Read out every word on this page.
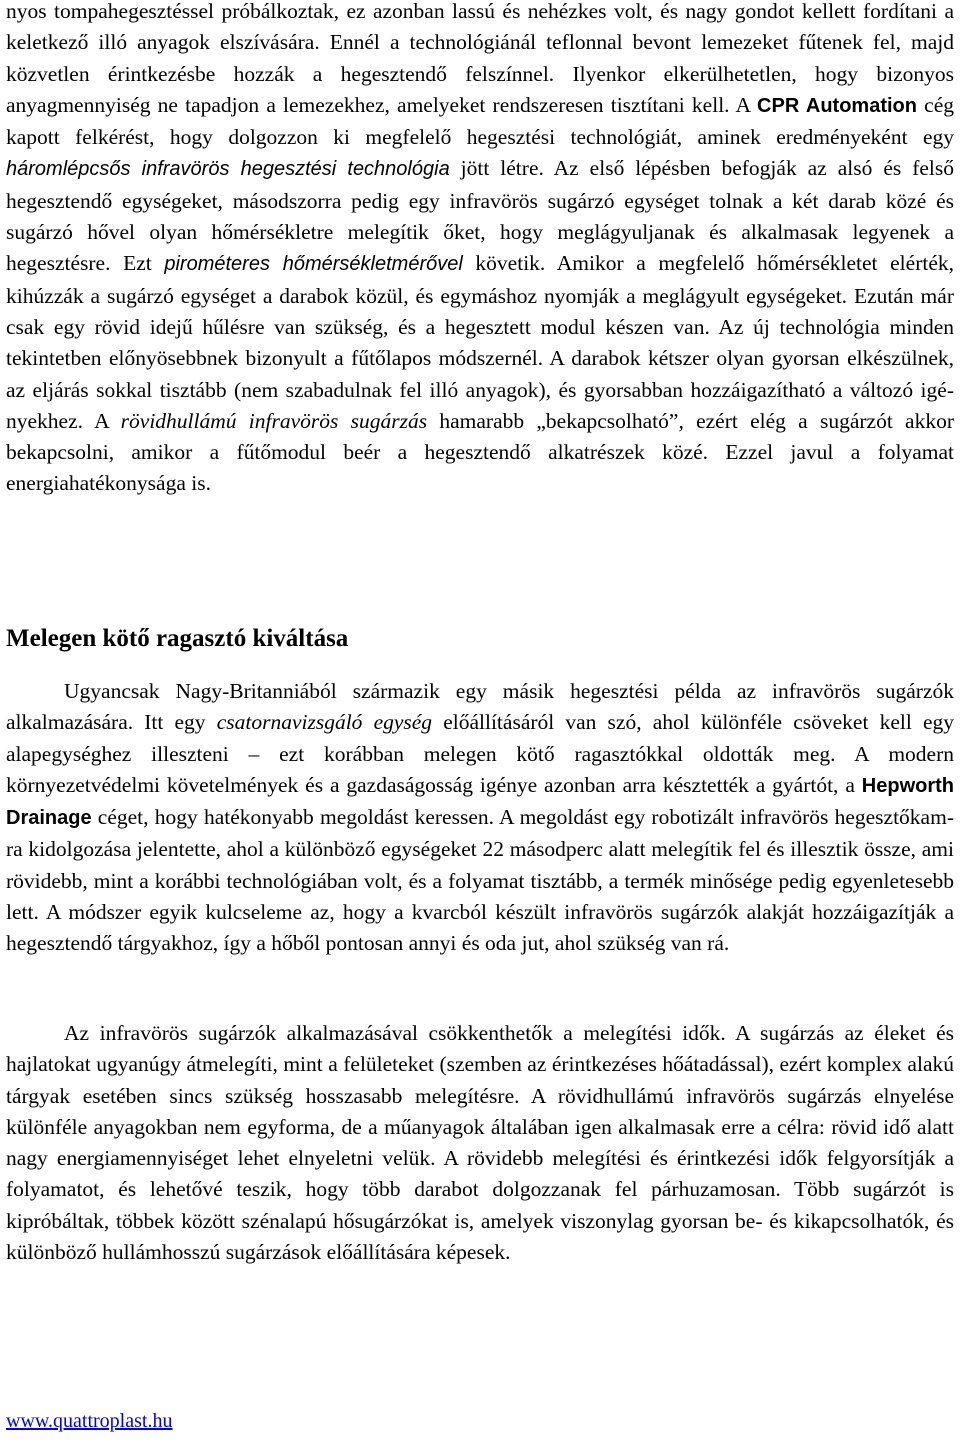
nyos tompahegesztéssel próbálkoztak, ez azonban lassú és nehézkes volt, és nagy gondot kellett fordítani a keletkező illó anyagok elszívására. Ennél a technológiánál teflonnal bevont lemezeket fűtenek fel, majd közvetlen érintkezésbe hozzák a hegesztendő felszínnel. Ilyenkor elkerülhetetlen, hogy bizonyos anyagmennyiség ne tapadjon a lemezekhez, amelyeket rendszeresen tisztítani kell. A CPR Automation cég kapott felkérést, hogy dolgozzon ki megfelelő hegesztési technológiát, aminek eredményeként egy háromlépcsős infravörös hegesztési technológia jött létre. Az első lépésben befogják az alsó és felső hegesztendő egységeket, másodszorra pedig egy infravörös sugárzó egységet tolnak a két darab közé és sugárzó hővel olyan hőmérsékletre melegítik őket, hogy meglágyuljanak és alkalmasak legyenek a hegesztésre. Ezt pirométeres hőmérsékletmérővel követik. Amikor a megfelelő hőmérsékletet elérték, kihúzzák a sugárzó egységet a darabok közül, és egymáshoz nyomják a meglágyult egységeket. Ezután már csak egy rövid idejű hűlésre van szükség, és a hegesztett modul készen van. Az új technológia minden tekintetben előnyösebbnek bizonyult a fűtőlapos módszernél. A darabok kétszer olyan gyorsan elkészülnek, az eljárás sokkal tisztább (nem szabadulnak fel illó anyagok), és gyorsabban hozzáigazítható a változó igényekhez. A rövidhullámú infravörös sugárzás hamarabb „bekapcsolható”, ezért elég a sugárzót akkor bekapcsolni, amikor a fűtőmodul beér a hegesztendő alkatrészek közé. Ezzel javul a folyamat energiahatékonysága is.

Melegen kötő ragasztó kiváltása

Ugyancsak Nagy-Britanniából származik egy másik hegesztési példa az infravörös sugárzók alkalmazására. Itt egy csatornavizsgáló egység előállításáról van szó, ahol különféle csöveket kell egy alapegységhez illeszteni – ezt korábban melegen kötő ragasztókkal oldották meg. A modern környezetvédelmi követelmények és a gazdaságosság igénye azonban arra késztették a gyártót, a Hepworth Drainage céget, hogy hatékonyabb megoldást keressen. A megoldást egy robotizált infravörös hegesztőkamra kidolgozása jelentette, ahol a különböző egységeket 22 másodperc alatt melegítik fel és illesztik össze, ami rövidebb, mint a korábbi technológiában volt, és a folyamat tisztább, a termék minősége pedig egyenletesebb lett. A módszer egyik kulcseleme az, hogy a kvarcból készült infravörös sugárzók alakját hozzáigazítják a hegesztendő tárgyakhoz, így a hőből pontosan annyi és oda jut, ahol szükség van rá.

Az infravörös sugárzók alkalmazásával csökkenthetők a melegítési idők. A sugárzás az éleket és hajlatokat ugyanúgy átmelegíti, mint a felületeket (szemben az érintkezéses hőátadással), ezért komplex alakú tárgyak esetében sincs szükség hosszasabb melegítésre. A rövidhullámú infravörös sugárzás elnyelése különféle anyagokban nem egyforma, de a műanyagok általában igen alkalmasak erre a célra: rövid idő alatt nagy energiamennyiséget lehet elnyeletni velük. A rövidebb melegítési és érintkezési idők felgyorsítják a folyamatot, és lehetővé teszik, hogy több darabot dolgozzanak fel párhuzamosan. Több sugárzót is kipróbáltak, többek között szénalapú hősugárzókat is, amelyek viszonylag gyorsan be- és kikapcsolhatók, és különböző hullámhosszú sugárzások előállítására képesek.

www.quattroplast.hu
